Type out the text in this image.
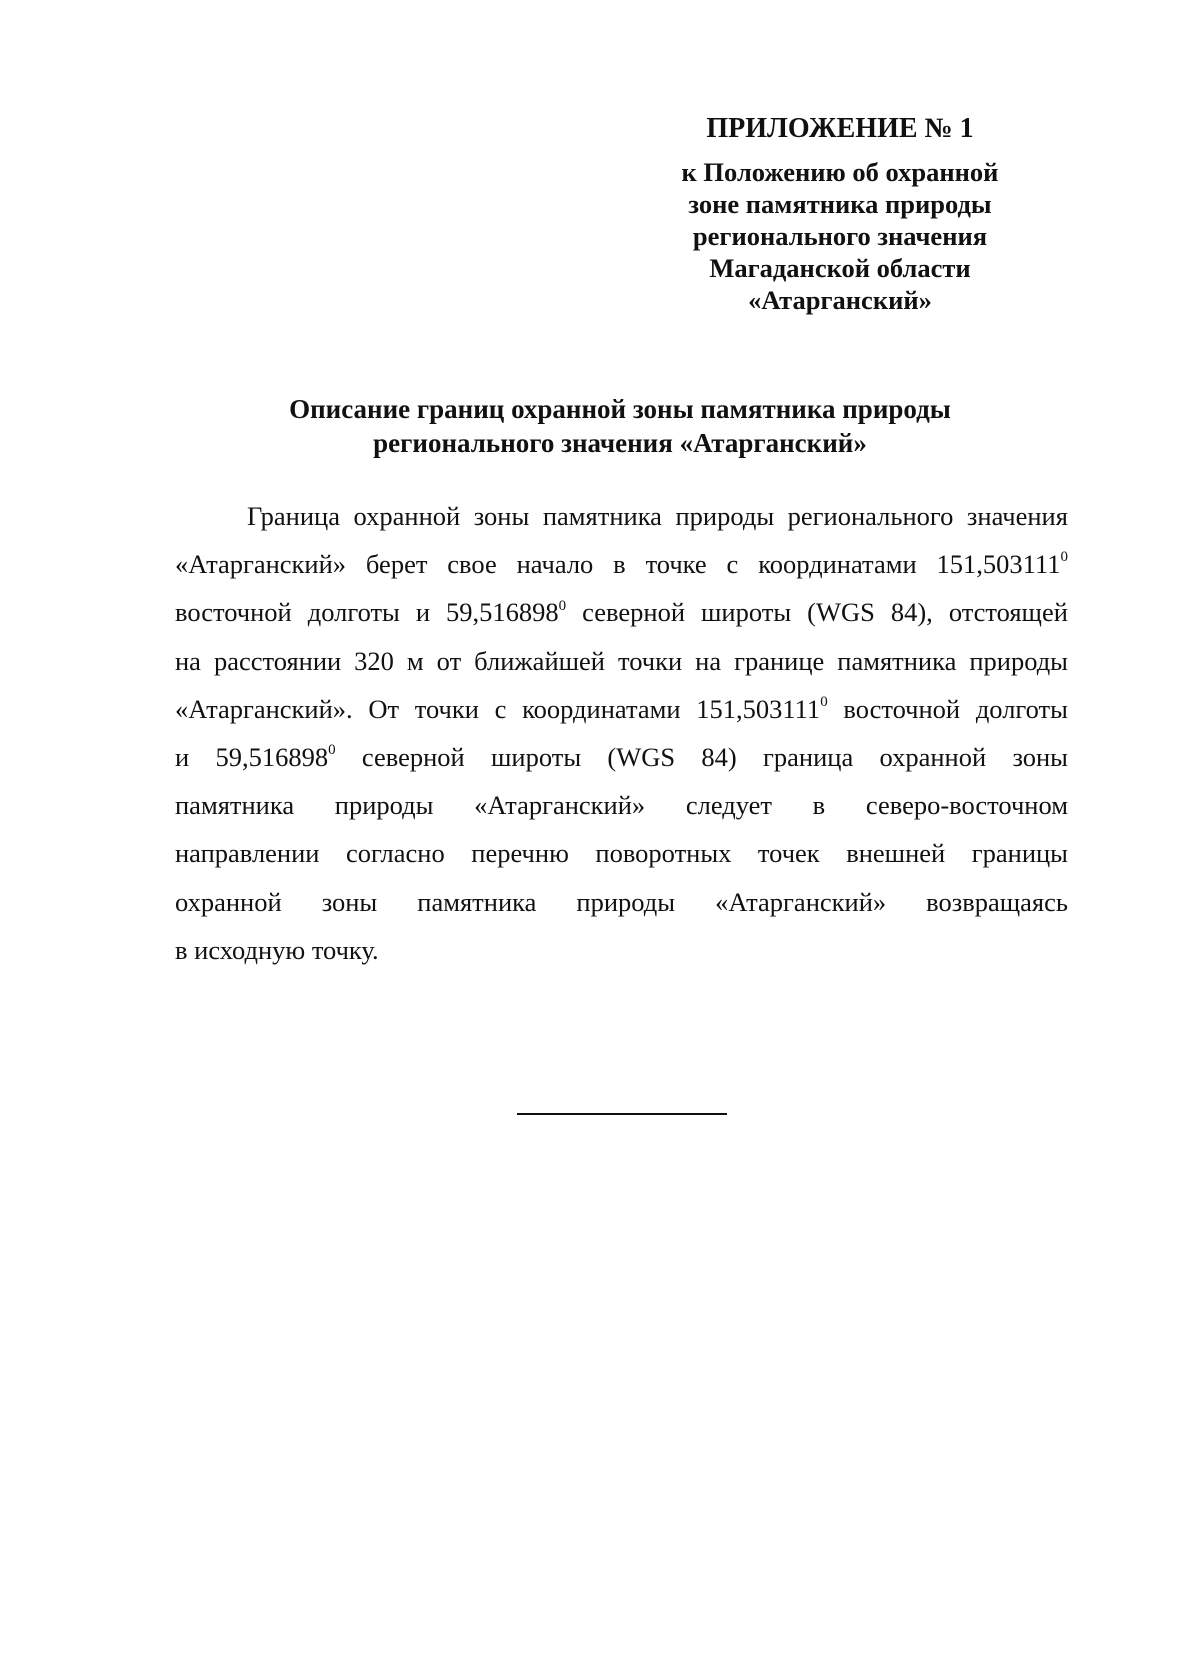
ПРИЛОЖЕНИЕ № 1
к Положению об охранной
зоне памятника природы
регионального значения
Магаданской области
«Атарганский»
Описание границ охранной зоны памятника природы
регионального значения «Атарганский»
Граница охранной зоны памятника природы регионального значения
«Атарганский» берет свое начало в точке с координатами 151,503111$^0$
восточной долготы и 59,516898$^0$ северной широты (WGS 84), отстоящей
на расстоянии 320 м от ближайшей точки на границе памятника природы
«Атарганский». От точки с координатами 151,503111$^0$ восточной долготы
и 59,516898$^0$ северной широты (WGS 84) граница охранной зоны
памятника природы «Атарганский» следует в северо-восточном
направлении согласно перечню поворотных точек внешней границы
охранной зоны памятника природы «Атарганский» возвращаясь
в
исходную
точку.
